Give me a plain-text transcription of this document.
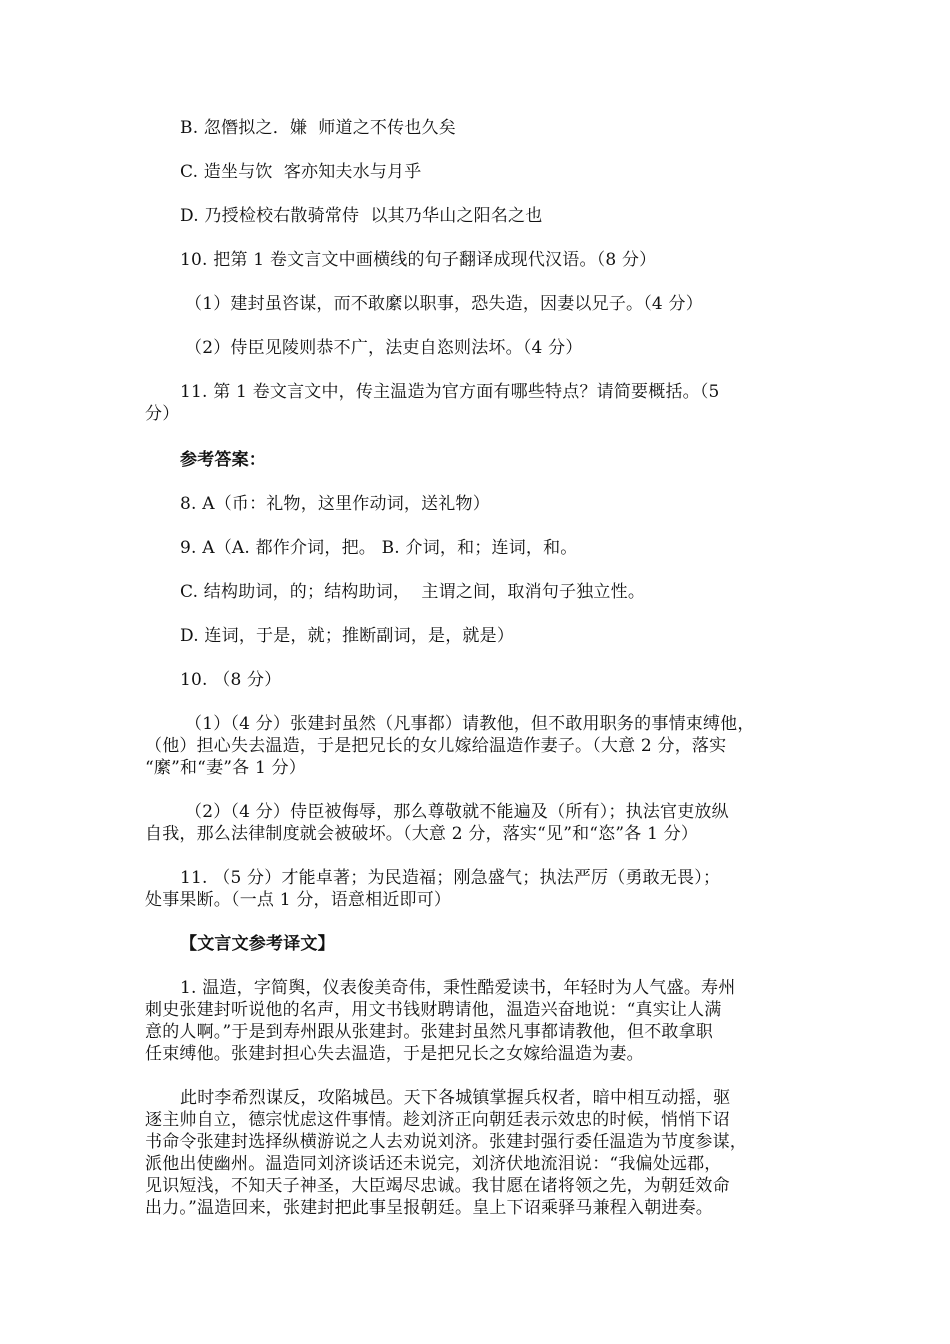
B. 忽僭拟之．嫌  师道之不传也久矣
C. 造坐与饮  客亦知夫水与月乎
D. 乃授检校右散骑常侍  以其乃华山之阳名之也
10. 把第 1 卷文言文中画横线的句子翻译成现代汉语。（8 分）
（1）建封虽咨谋，而不敢縻以职事，恐失造，因妻以兄子。（4 分）
（2）侍臣见陵则恭不广，法吏自恣则法坏。（4 分）
11. 第 1 卷文言文中，传主温造为官方面有哪些特点？请简要概括。（5
分）
参考答案：
8. A（币：礼物，这里作动词，送礼物）
9. A（A. 都作介词，把。 B. 介词，和；连词，和。
C. 结构助词，的；结构助词，  主谓之间，取消句子独立性。
D. 连词，于是，就；推断副词，是，就是）
10. （8 分）
（1）（4 分）张建封虽然（凡事都）请教他，但不敢用职务的事情束缚他，
（他）担心失去温造，于是把兄长的女儿嫁给温造作妻子。（大意 2 分，落实
“縻”和“妻”各 1 分）
（2）（4 分）侍臣被侮辱，那么尊敬就不能遍及（所有）；执法官吏放纵
自我，那么法律制度就会被破坏。（大意 2 分，落实“见”和“恣”各 1 分）
11. （5 分）才能卓著；为民造福；刚急盛气；执法严厉（勇敢无畏）；
处事果断。（一点 1 分，语意相近即可）
【文言文参考译文】
1. 温造，字简舆，仪表俊美奇伟，秉性酷爱读书，年轻时为人气盛。寿州
刺史张建封听说他的名声，用文书钱财聘请他，温造兴奋地说：“真实让人满
意的人啊。”于是到寿州跟从张建封。张建封虽然凡事都请教他，但不敢拿职
任束缚他。张建封担心失去温造，于是把兄长之女嫁给温造为妻。
此时李希烈谋反，攻陷城邑。天下各城镇掌握兵权者，暗中相互动摇，驱
逐主帅自立，德宗忧虑这件事情。趁刘济正向朝廷表示效忠的时候，悄悄下诏
书命令张建封选择纵横游说之人去劝说刘济。张建封强行委任温造为节度参谋，
派他出使幽州。温造同刘济谈话还未说完，刘济伏地流泪说：“我偏处远郡，
见识短浅，不知天子神圣，大臣竭尽忠诚。我甘愿在诸将领之先，为朝廷效命
出力。”温造回来，张建封把此事呈报朝廷。皇上下诏乘驿马兼程入朝进奏。
